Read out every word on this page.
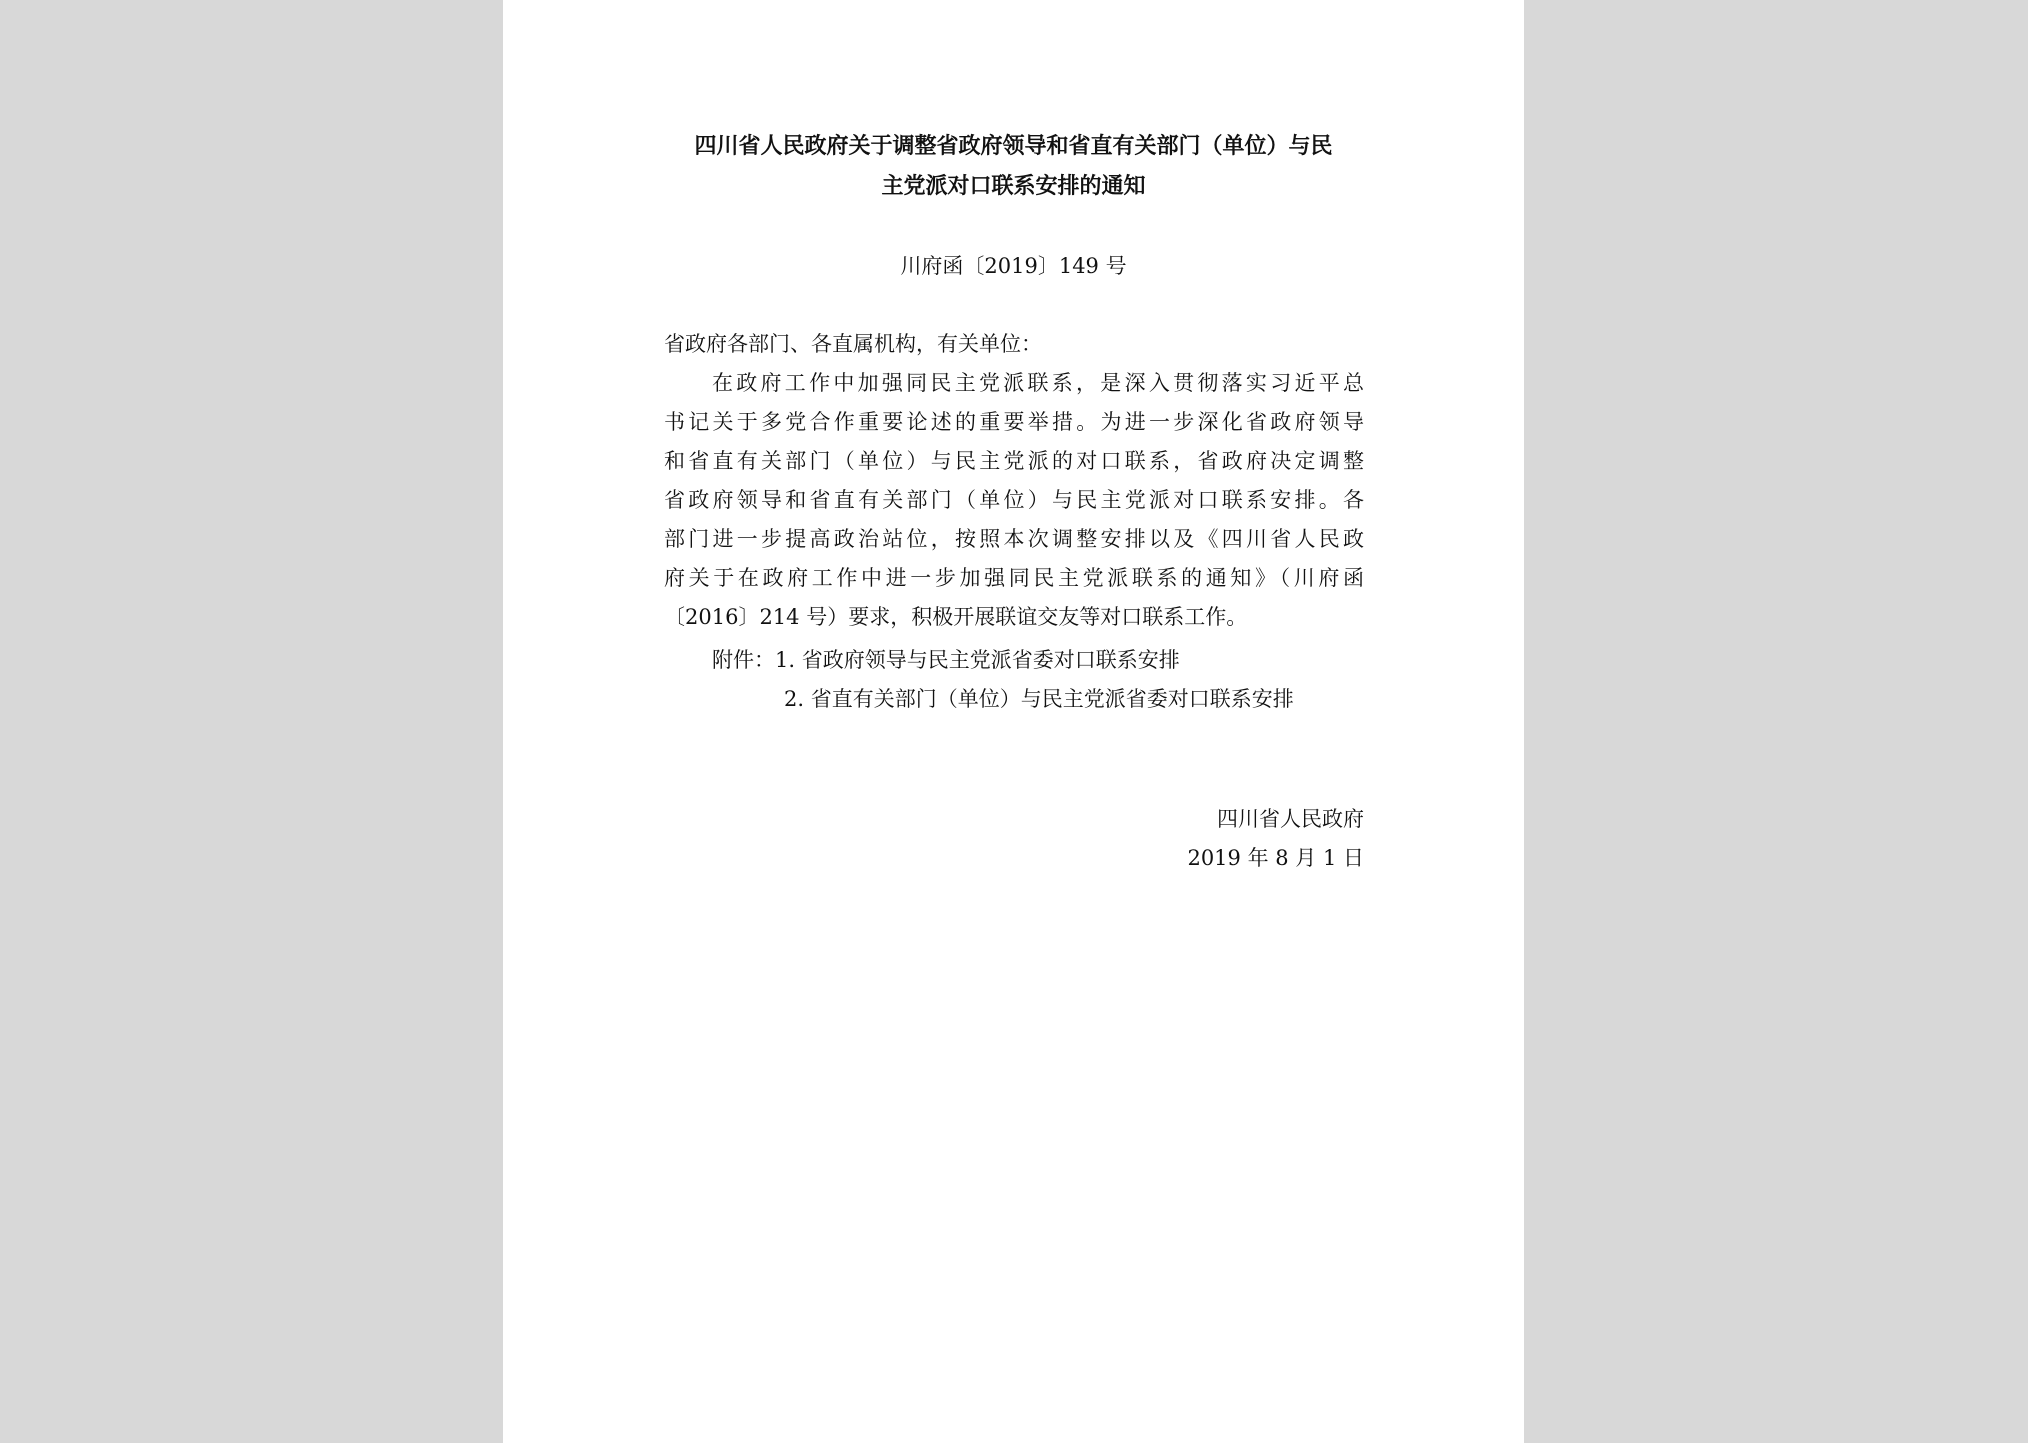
四川省人民政府关于调整省政府领导和省直有关部门（单位）与民
主党派对口联系安排的通知
川府函〔2019〕149 号

省政府各部门、各直属机构，有关单位：

在政府工作中加强同民主党派联系，是深入贯彻落实习近平总

书记关于多党合作重要论述的重要举措。为进一步深化省政府领导

和省直有关部门（单位）与民主党派的对口联系，省政府决定调整

省政府领导和省直有关部门（单位）与民主党派对口联系安排。各

部门进一步提高政治站位，按照本次调整安排以及《四川省人民政

府关于在政府工作中进一步加强同民主党派联系的通知》（川府函

〔2016〕214 号）要求，积极开展联谊交友等对口联系工作。

附件：1. 省政府领导与民主党派省委对口联系安排

2. 省直有关部门（单位）与民主党派省委对口联系安排

四川省人民政府
2019 年 8 月 1 日
